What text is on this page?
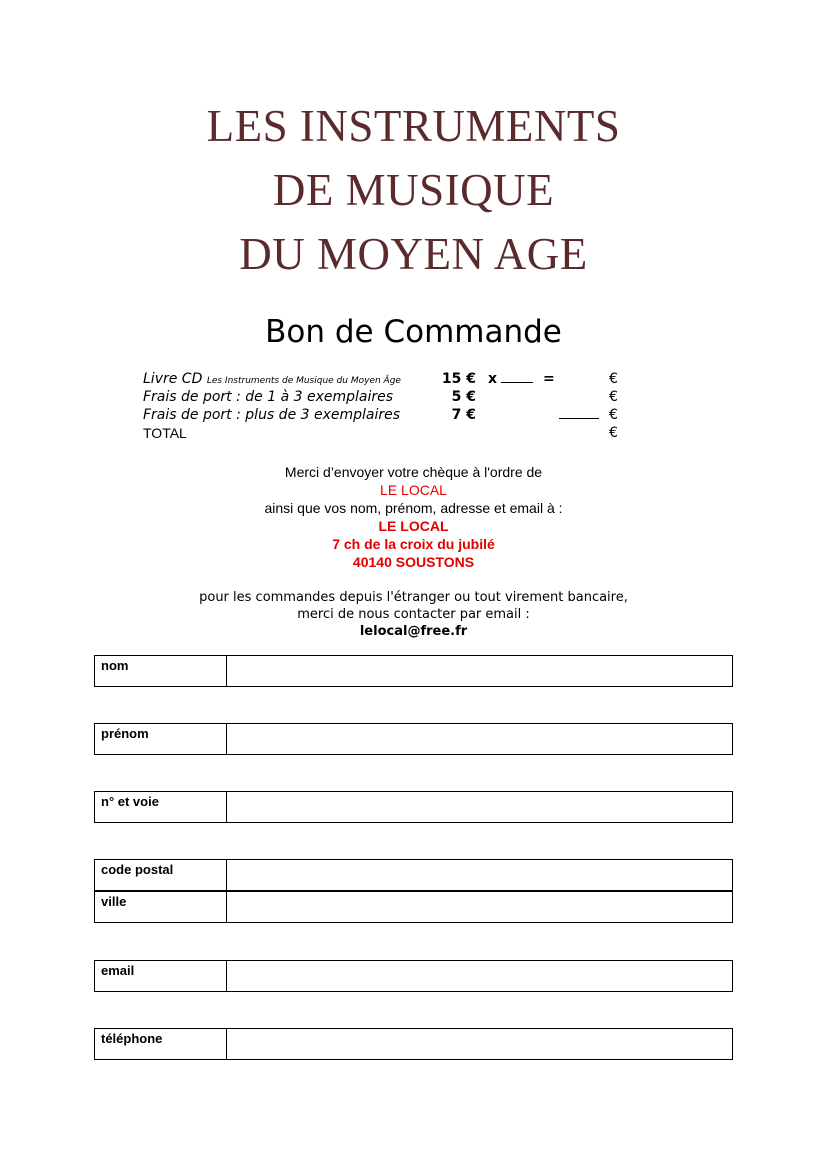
LES INSTRUMENTS
DE MUSIQUE
DU MOYEN AGE
Bon de Commande
Livre CD Les Instruments de Musique du Moyen Âge	15 € x	=	€
Frais de port : de 1 à 3 exemplaires	5 €	€
Frais de port : plus de 3 exemplaires	7 €	€
TOTAL	€
Merci d’envoyer votre chèque à l'ordre de
LE LOCAL
ainsi que vos nom, prénom, adresse et email à :
LE LOCAL
7 ch de la croix du jubilé
40140 SOUSTONS
pour les commandes depuis l'étranger ou tout virement bancaire,
merci de nous contacter par email :
lelocal@free.fr
nom
prénom
n° et voie
code postal
ville
email
téléphone
